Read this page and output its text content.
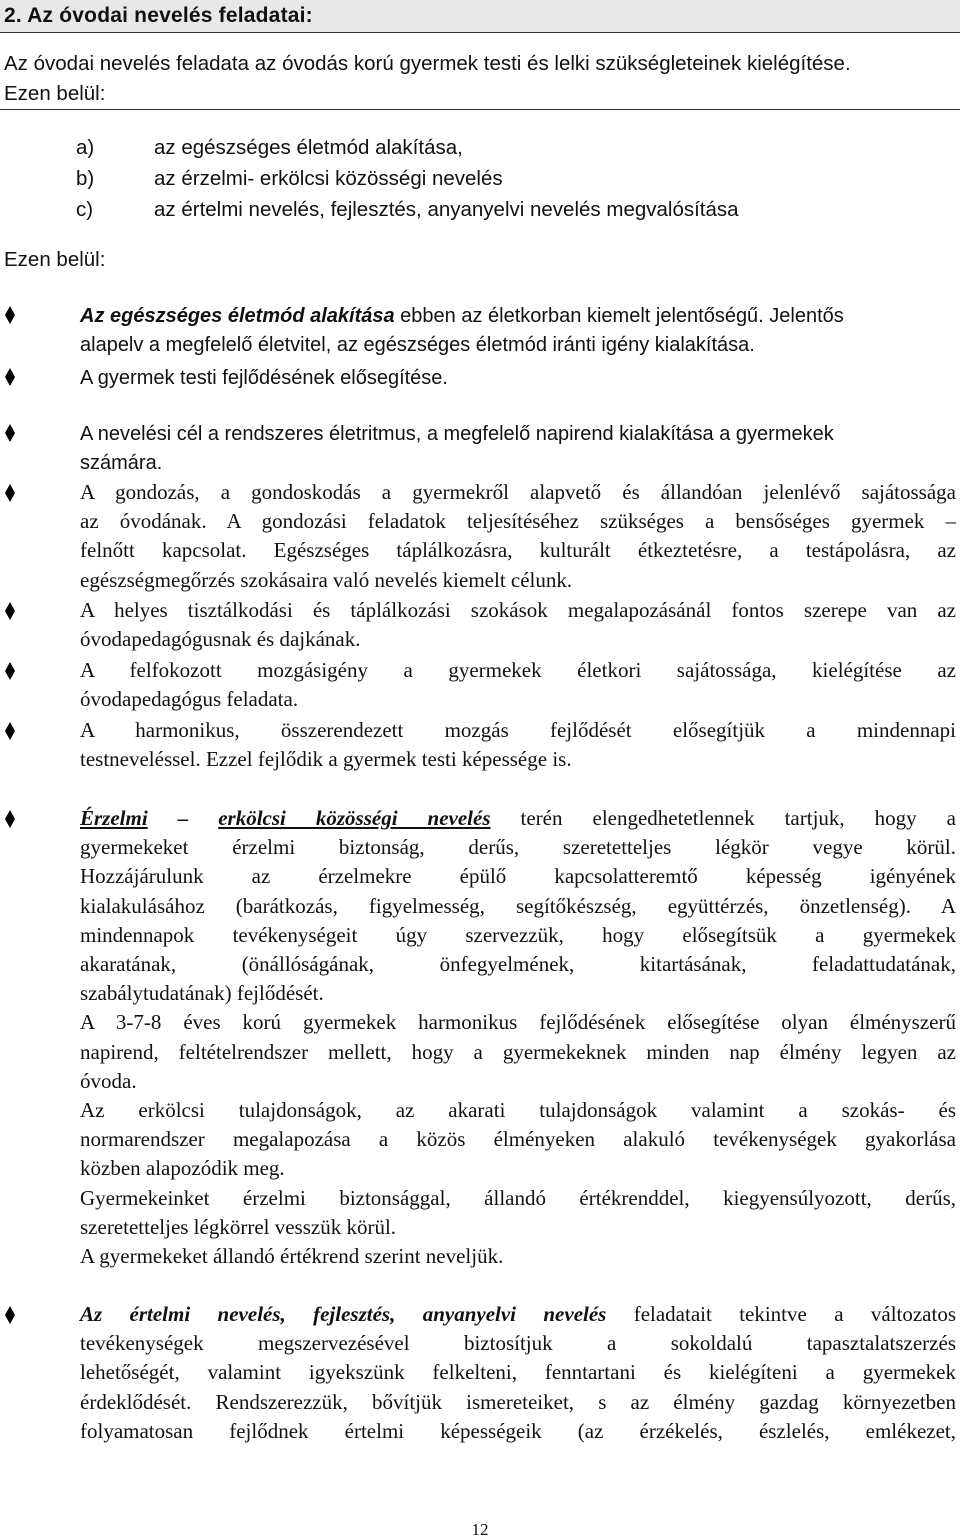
2. Az óvodai nevelés feladatai:
Az óvodai nevelés feladata az óvodás korú gyermek testi és lelki szükségleteinek kielégítése.
Ezen belül:
a)	az egészséges életmód alakítása,
b)	az érzelmi- erkölcsi közösségi nevelés
c)	az értelmi nevelés, fejlesztés, anyanyelvi nevelés megvalósítása
Ezen belül:
Az egészséges életmód alakítása ebben az életkorban kiemelt jelentőségű. Jelentős
alapelv a megfelelő életvitel, az egészséges életmód iránti igény kialakítása.
A gyermek testi fejlődésének elősegítése.
A nevelési cél a rendszeres életritmus, a megfelelő napirend kialakítása a gyermekek
számára.
A gondozás, a gondoskodás a gyermekről alapvető és állandóan jelenlévő sajátossága
az óvodának. A gondozási feladatok teljesítéséhez szükséges a bensőséges gyermek –
felnőtt kapcsolat. Egészséges táplálkozásra, kulturált étkeztetésre, a testápolásra, az
egészségmegőrzés szokásaira való nevelés kiemelt célunk.
A helyes tisztálkodási és táplálkozási szokások megalapozásánál fontos szerepe van az
óvodapedagógusnak és dajkának.
A felfokozott mozgásigény a gyermekek életkori sajátossága, kielégítése az
óvodapedagógus feladata.
A harmonikus, összerendezett mozgás fejlődését elősegítjük a mindennapi
testneveléssel. Ezzel fejlődik a gyermek testi képessége is.
Érzelmi – erkölcsi közösségi nevelés terén elengedhetetlennek tartjuk, hogy a
gyermekeket érzelmi biztonság, derűs, szeretetteljes légkör vegye körül.
Hozzájárulunk az érzelmekre épülő kapcsolatteremtő képesség igényének
kialakulásához (barátkozás, figyelmesség, segítőkészség, együttérzés, önzetlenség). A
mindennapok tevékenységeit úgy szervezzük, hogy elősegítsük a gyermekek
akaratának, (önállóságának, önfegyelmének, kitartásának, feladattudatának,
szabálytudatának) fejlődését.
A 3-7-8 éves korú gyermekek harmonikus fejlődésének elősegítése olyan élményszerű
napirend, feltételrendszer mellett, hogy a gyermekeknek minden nap élmény legyen az
óvoda.
Az erkölcsi tulajdonságok, az akarati tulajdonságok valamint a szokás- és
normarendszer megalapozása a közös élményeken alakuló tevékenységek gyakorlása
közben alapozódik meg.
Gyermekeinket érzelmi biztonsággal, állandó értékrenddel, kiegyensúlyozott, derűs,
szeretetteljes légkörrel vesszük körül.
A gyermekeket állandó értékrend szerint neveljük.
Az értelmi nevelés, fejlesztés, anyanyelvi nevelés feladatait tekintve a változatos
tevékenységek megszervezésével biztosítjuk a sokoldalú tapasztalatszerzés
lehetőségét, valamint igyekszünk felkelteni, fenntartani és kielégíteni a gyermekek
érdeklődését. Rendszerezzük, bővítjük ismereteiket, s az élmény gazdag környezetben
folyamatosan fejlődnek értelmi képességeik (az érzékelés, észlelés, emlékezet,
12
